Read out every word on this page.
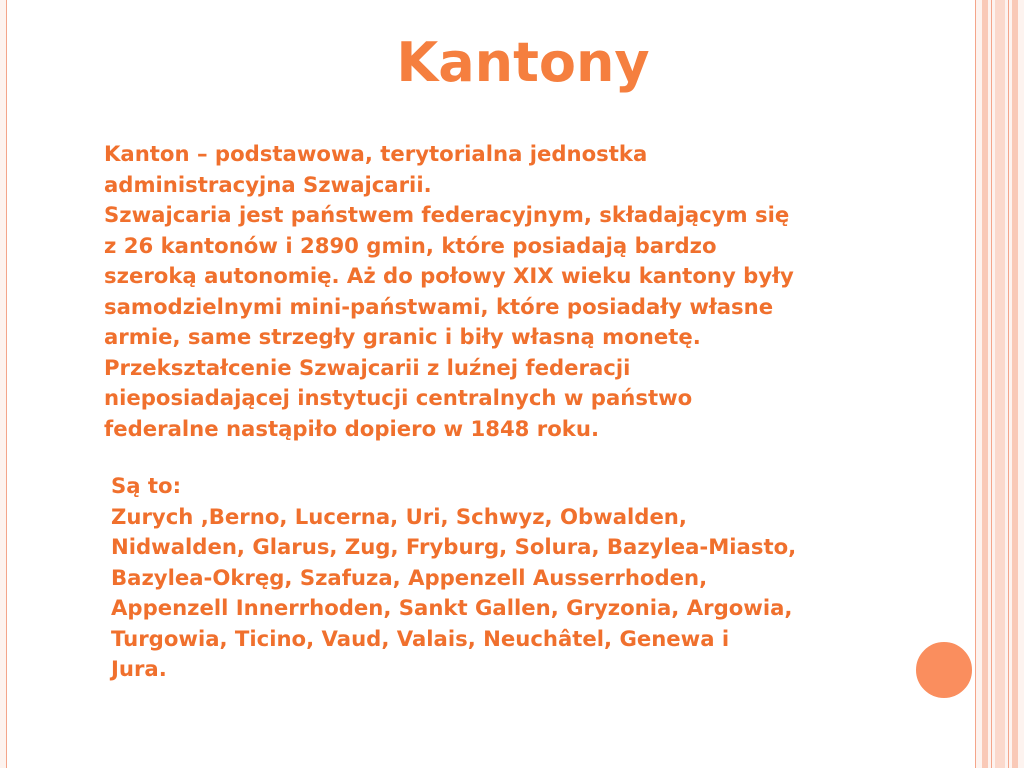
Kantony
Kanton – podstawowa, terytorialna jednostka
administracyjna Szwajcarii.
Szwajcaria jest państwem federacyjnym, składającym się
z 26 kantonów i 2890 gmin, które posiadają bardzo
szeroką autonomię. Aż do połowy XIX wieku kantony były
samodzielnymi mini-państwami, które posiadały własne
armie, same strzegły granic i biły własną monetę.
Przekształcenie Szwajcarii z luźnej federacji
nieposiadającej instytucji centralnych w państwo
federalne nastąpiło dopiero w 1848 roku.
Są to:
Zurych ,Berno, Lucerna, Uri, Schwyz, Obwalden,
Nidwalden, Glarus, Zug, Fryburg, Solura, Bazylea-Miasto,
Bazylea-Okręg, Szafuza, Appenzell Ausserrhoden,
Appenzell Innerrhoden, Sankt Gallen, Gryzonia, Argowia,
Turgowia, Ticino, Vaud, Valais, Neuchâtel, Genewa i
Jura.
